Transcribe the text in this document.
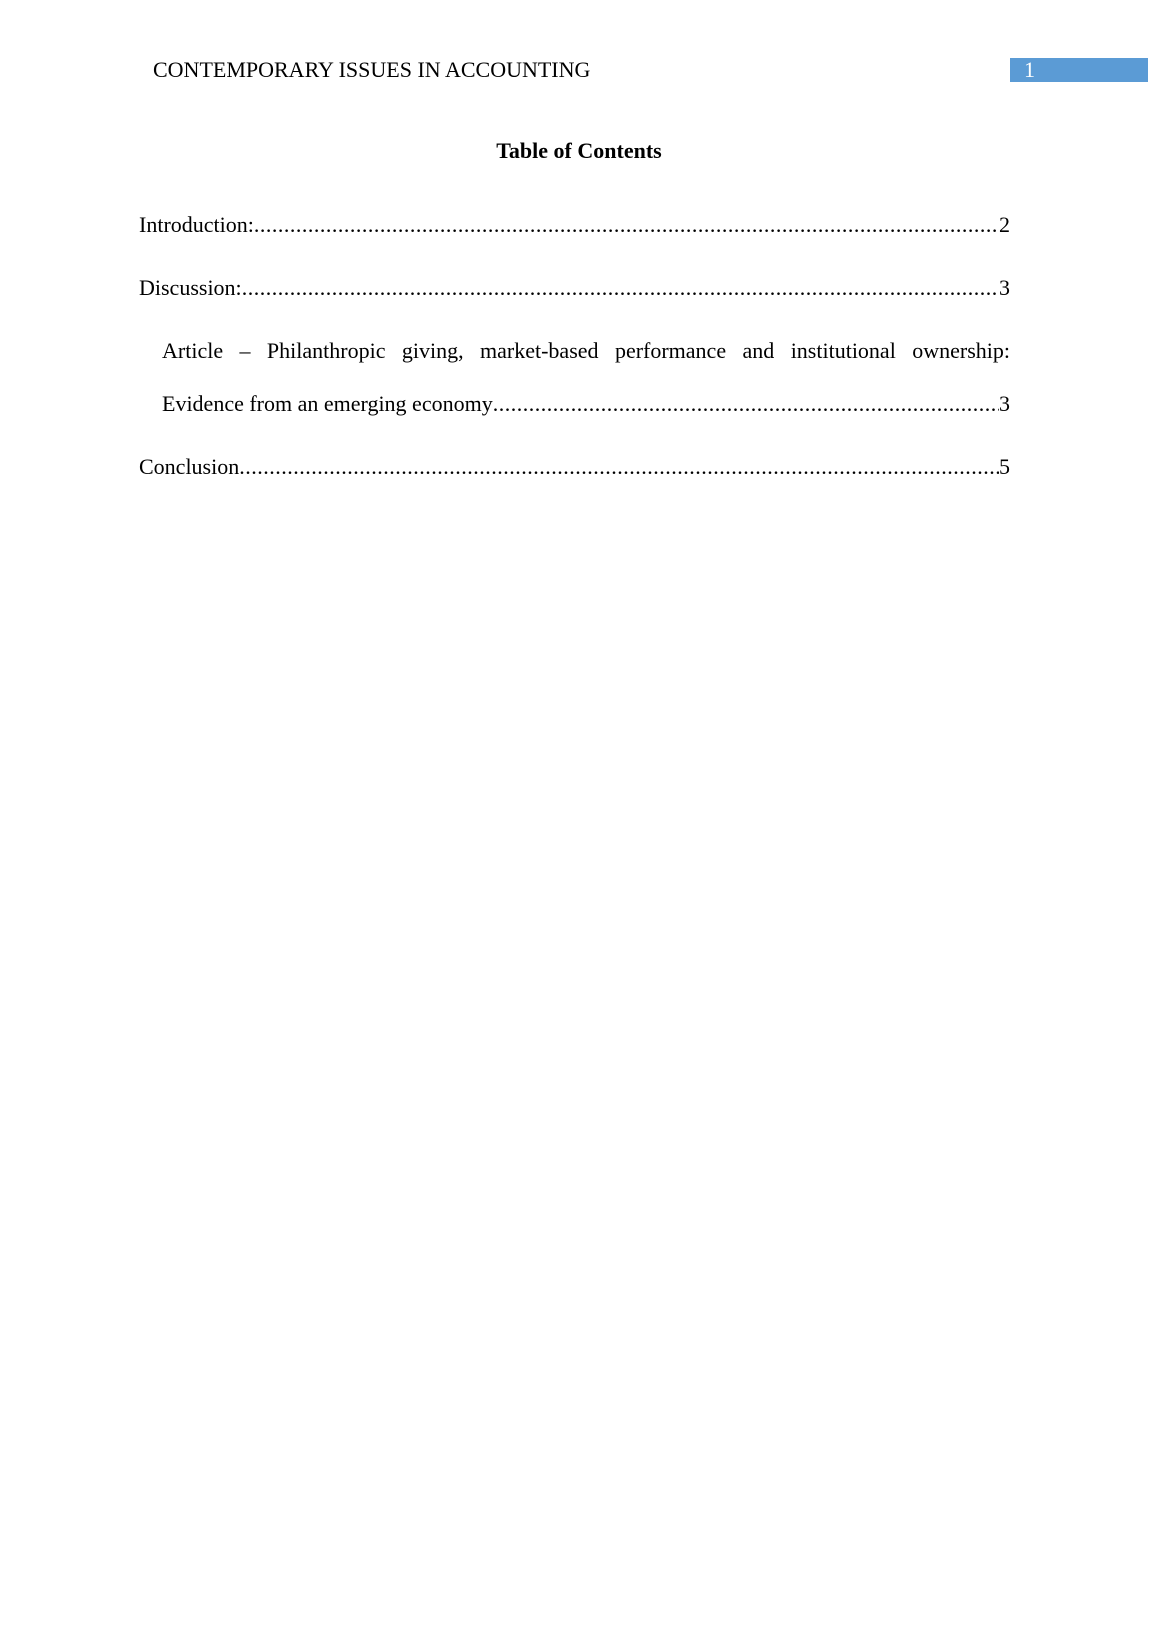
CONTEMPORARY ISSUES IN ACCOUNTING	1
Table of Contents
Introduction: .....	2
Discussion: .....	3
Article – Philanthropic giving, market-based performance and institutional ownership:
Evidence from an emerging economy .....	3
Conclusion .....	5
